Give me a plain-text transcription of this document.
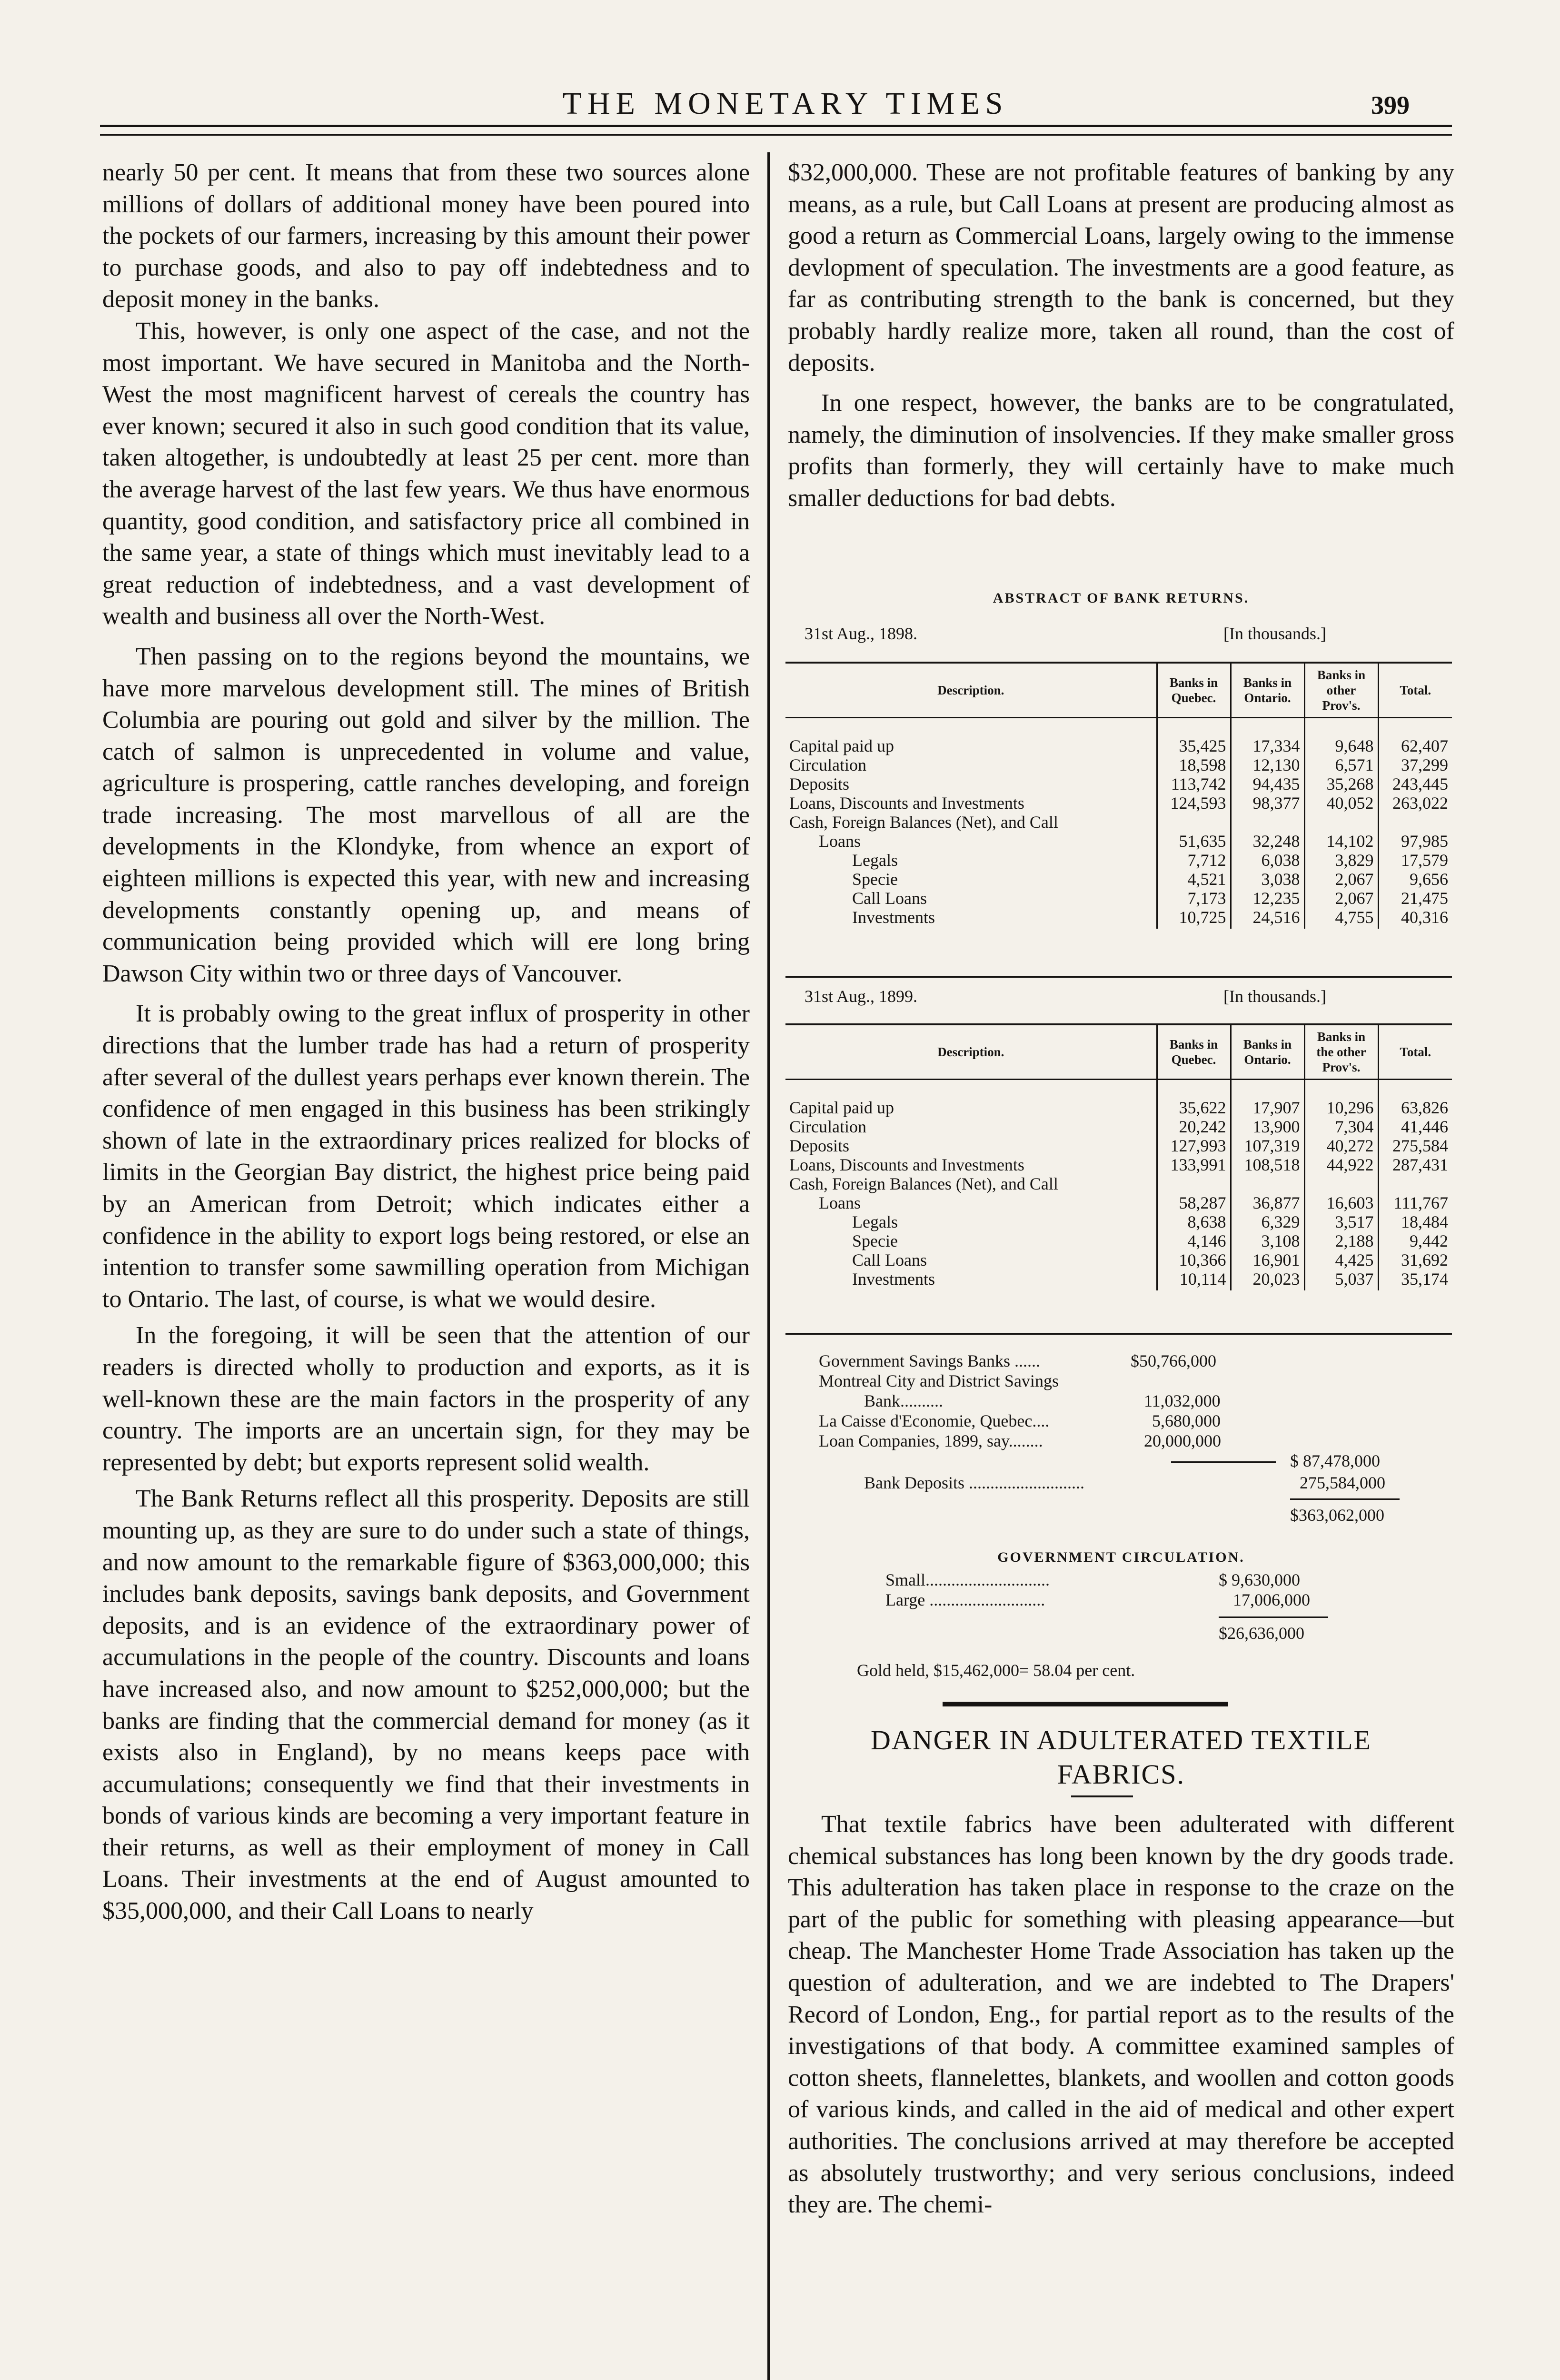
THE MONETARY TIMES	399

nearly 50 per cent. It means that from these two sources alone millions of dollars of additional money have been poured into the pockets of our farmers, increasing by this amount their power to purchase goods, and also to pay off indebtedness and to deposit money in the banks.

This, however, is only one aspect of the case, and not the most important. We have secured in Manitoba and the North-West the most magnificent harvest of cereals the country has ever known; secured it also in such good condition that its value, taken altogether, is undoubtedly at least 25 per cent. more than the average harvest of the last few years. We thus have enormous quantity, good condition, and satisfactory price all combined in the same year, a state of things which must inevitably lead to a great reduction of indebtedness, and a vast development of wealth and business all over the North-West.

Then passing on to the regions beyond the mountains, we have more marvelous development still. The mines of British Columbia are pouring out gold and silver by the million. The catch of salmon is unprecedented in volume and value, agriculture is prospering, cattle ranches developing, and foreign trade increasing. The most marvellous of all are the developments in the Klondyke, from whence an export of eighteen millions is expected this year, with new and increasing developments constantly opening up, and means of communication being provided which will ere long bring Dawson City within two or three days of Vancouver.

It is probably owing to the great influx of prosperity in other directions that the lumber trade has had a return of prosperity after several of the dullest years perhaps ever known therein. The confidence of men engaged in this business has been strikingly shown of late in the extraordinary prices realized for blocks of limits in the Georgian Bay district, the highest price being paid by an American from Detroit; which indicates either a confidence in the ability to export logs being restored, or else an intention to transfer some sawmilling operation from Michigan to Ontario. The last, of course, is what we would desire.

In the foregoing, it will be seen that the attention of our readers is directed wholly to production and exports, as it is well-known these are the main factors in the prosperity of any country. The imports are an uncertain sign, for they may be represented by debt; but exports represent solid wealth.

The Bank Returns reflect all this prosperity. Deposits are still mounting up, as they are sure to do under such a state of things, and now amount to the remarkable figure of $363,000,000; this includes bank deposits, savings bank deposits, and Government deposits, and is an evidence of the extraordinary power of accumulations in the people of the country. Discounts and loans have increased also, and now amount to $252,000,000; but the banks are finding that the commercial demand for money (as it exists also in England), by no means keeps pace with accumulations; consequently we find that their investments in bonds of various kinds are becoming a very important feature in their returns, as well as their employment of money in Call Loans. Their investments at the end of August amounted to $35,000,000, and their Call Loans to nearly

$32,000,000. These are not profitable features of banking by any means, as a rule, but Call Loans at present are producing almost as good a return as Commercial Loans, largely owing to the immense devlopment of speculation. The investments are a good feature, as far as contributing strength to the bank is concerned, but they probably hardly realize more, taken all round, than the cost of deposits.

In one respect, however, the banks are to be congratulated, namely, the diminution of insolvencies. If they make smaller gross profits than formerly, they will certainly have to make much smaller deductions for bad debts.

ABSTRACT OF BANK RETURNS.
31st Aug., 1898.	[In thousands.]
Description.	Banks in Quebec.	Banks in Ontario.	Banks in other Prov's.	Total.
Capital paid up	35,425	17,334	9,648	62,407
Circulation	18,598	12,130	6,571	37,299
Deposits	113,742	94,435	35,268	243,445
Loans, Discounts and Investments	124,593	98,377	40,052	263,022
Cash, Foreign Balances (Net), and Call				
Loans	51,635	32,248	14,102	97,985
Legals	7,712	6,038	3,829	17,579
Specie	4,521	3,038	2,067	9,656
Call Loans	7,173	12,235	2,067	21,475
Investments	10,725	24,516	4,755	40,316
31st Aug., 1899.	[In thousands.]
Description.	Banks in Quebec.	Banks in Ontario.	Banks in the other Prov's.	Total.
Capital paid up	35,622	17,907	10,296	63,826
Circulation	20,242	13,900	7,304	41,446
Deposits	127,993	107,319	40,272	275,584
Loans, Discounts and Investments	133,991	108,518	44,922	287,431
Cash, Foreign Balances (Net), and Call				
Loans	58,287	36,877	16,603	111,767
Legals	8,638	6,329	3,517	18,484
Specie	4,146	3,108	2,188	9,442
Call Loans	10,366	16,901	4,425	31,692
Investments	10,114	20,023	5,037	35,174
Government Savings Banks ......	$50,766,000
Montreal City and District Savings
Bank..........	11,032,000
La Caisse d'Economie, Quebec....	5,680,000
Loan Companies, 1899, say........	20,000,000
$ 87,478,000
Bank Deposits ...........................	275,584,000
$363,062,000
GOVERNMENT CIRCULATION.
Small.............................	$ 9,630,000
Large ...........................	17,006,000
$26,636,000
Gold held, $15,462,000= 58.04 per cent.
DANGER IN ADULTERATED TEXTILE
FABRICS.

That textile fabrics have been adulterated with different chemical substances has long been known by the dry goods trade. This adulteration has taken place in response to the craze on the part of the public for something with pleasing appearance—but cheap. The Manchester Home Trade Association has taken up the question of adulteration, and we are indebted to The Drapers' Record of London, Eng., for partial report as to the results of the investigations of that body. A committee examined samples of cotton sheets, flannelettes, blankets, and woollen and cotton goods of various kinds, and called in the aid of medical and other expert authorities. The conclusions arrived at may therefore be accepted as absolutely trustworthy; and very serious conclusions, indeed they are. The chemi-
